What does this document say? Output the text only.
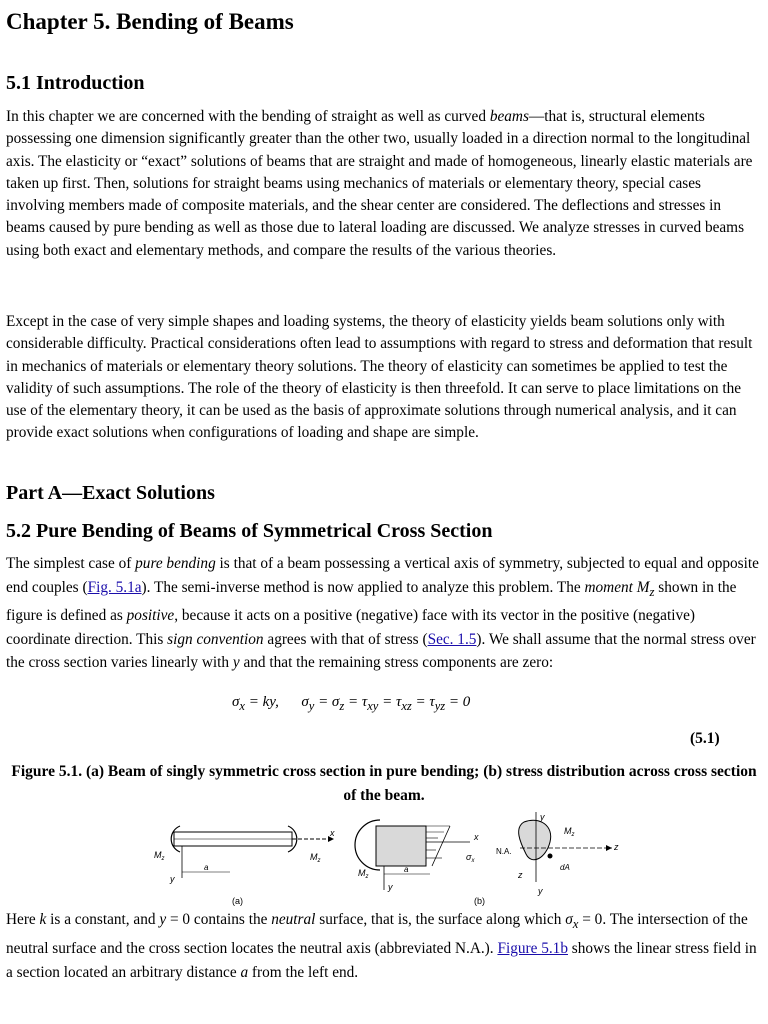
Chapter 5. Bending of Beams
5.1 Introduction

In this chapter we are concerned with the bending of straight as well as curved beams—that is, structural elements possessing one dimension significantly greater than the other two, usually loaded in a direction normal to the longitudinal axis. The elasticity or “exact” solutions of beams that are straight and made of homogeneous, linearly elastic materials are taken up first. Then, solutions for straight beams using mechanics of materials or elementary theory, special cases involving members made of composite materials, and the shear center are considered. The deflections and stresses in beams caused by pure bending as well as those due to lateral loading are discussed. We analyze stresses in curved beams using both exact and elementary methods, and compare the results of the various theories.

Except in the case of very simple shapes and loading systems, the theory of elasticity yields beam solutions only with considerable difficulty. Practical considerations often lead to assumptions with regard to stress and deformation that result in mechanics of materials or elementary theory solutions. The theory of elasticity can sometimes be applied to test the validity of such assumptions. The role of the theory of elasticity is then threefold. It can serve to place limitations on the use of the elementary theory, it can be used as the basis of approximate solutions through numerical analysis, and it can provide exact solutions when configurations of loading and shape are simple.

Part A—Exact Solutions
5.2 Pure Bending of Beams of Symmetrical Cross Section

The simplest case of pure bending is that of a beam possessing a vertical axis of symmetry, subjected to equal and opposite end couples (Fig. 5.1a). The semi-inverse method is now applied to analyze this problem. The moment $M_z$ shown in the figure is defined as positive, because it acts on a positive (negative) face with its vector in the positive (negative) coordinate direction. This sign convention agrees with that of stress (Sec. 1.5). We shall assume that the normal stress over the cross section varies linearly with y and that the remaining stress components are zero:

$\sigma_x$ = ky, $\sigma_y = \sigma_z = \tau_{xy} = \tau_{xz} = \tau_{yz} = 0$
(5.1)
Figure 5.1. (a) Beam of singly symmetric cross section in pure bending; (b) stress distribution across cross section of the beam.
x
$M_z$	$M_z$
y
a
(a)
x
$\sigma_x$
$M_z$
y
a
(b)
y
z
N.A.
$M_z$
dA
z
y

Here k is a constant, and y = 0 contains the neutral surface, that is, the surface along which $\sigma_x = 0$. The intersection of the neutral surface and the cross section locates the neutral axis (abbreviated N.A.). Figure 5.1b shows the linear stress field in a section located an arbitrary distance a from the left end.
